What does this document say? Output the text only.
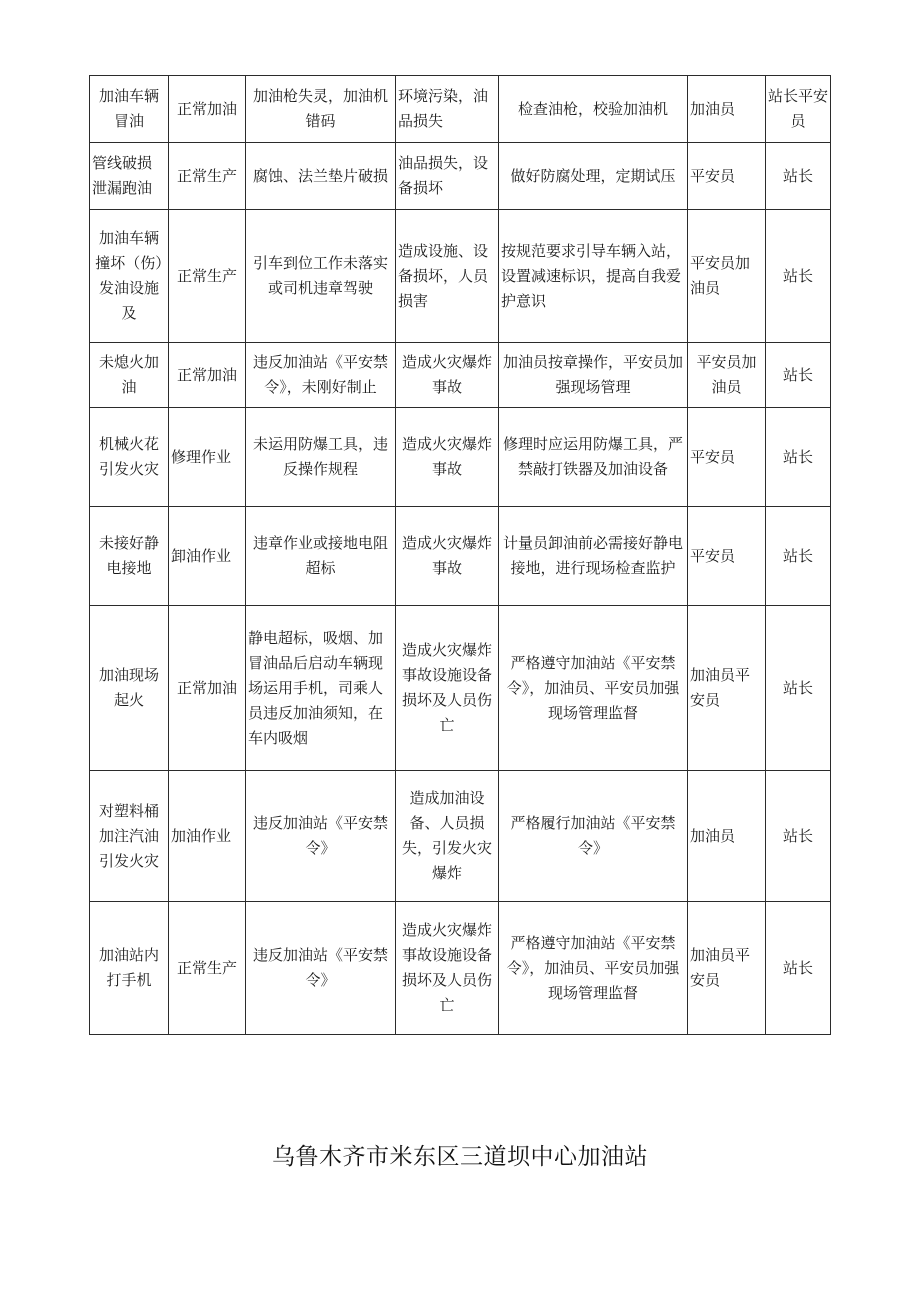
加油车辆冒油	正常加油	加油枪失灵，加油机错码	环境污染，油品损失	检查油枪，校验加油机	加油员	站长平安员
管线破损泄漏跑油	正常生产	腐蚀、法兰垫片破损	油品损失，设备损坏	做好防腐处理，定期试压	平安员	站长
加油车辆撞坏（伤）发油设施及	正常生产	引车到位工作未落实或司机违章驾驶	造成设施、设备损坏，人员损害	按规范要求引导车辆入站，设置减速标识，提高自我爱护意识	平安员加油员	站长
未熄火加油	正常加油	违反加油站《平安禁令》，未刚好制止	造成火灾爆炸事故	加油员按章操作，平安员加强现场管理	平安员加油员	站长
机械火花引发火灾	修理作业	未运用防爆工具，违反操作规程	造成火灾爆炸事故	修理时应运用防爆工具，严禁敲打铁器及加油设备	平安员	站长
未接好静电接地	卸油作业	违章作业或接地电阻超标	造成火灾爆炸事故	计量员卸油前必需接好静电接地，进行现场检查监护	平安员	站长
加油现场起火	正常加油	静电超标，吸烟、加冒油品后启动车辆现场运用手机，司乘人员违反加油须知，在车内吸烟	造成火灾爆炸事故设施设备损坏及人员伤亡	严格遵守加油站《平安禁令》，加油员、平安员加强现场管理监督	加油员平安员	站长
对塑料桶加注汽油引发火灾	加油作业	违反加油站《平安禁令》	造成加油设备、人员损失，引发火灾爆炸	严格履行加油站《平安禁令》	加油员	站长
加油站内打手机	正常生产	违反加油站《平安禁令》	造成火灾爆炸事故设施设备损坏及人员伤亡	严格遵守加油站《平安禁令》，加油员、平安员加强现场管理监督	加油员平安员	站长
乌鲁木齐市米东区三道坝中心加油站
